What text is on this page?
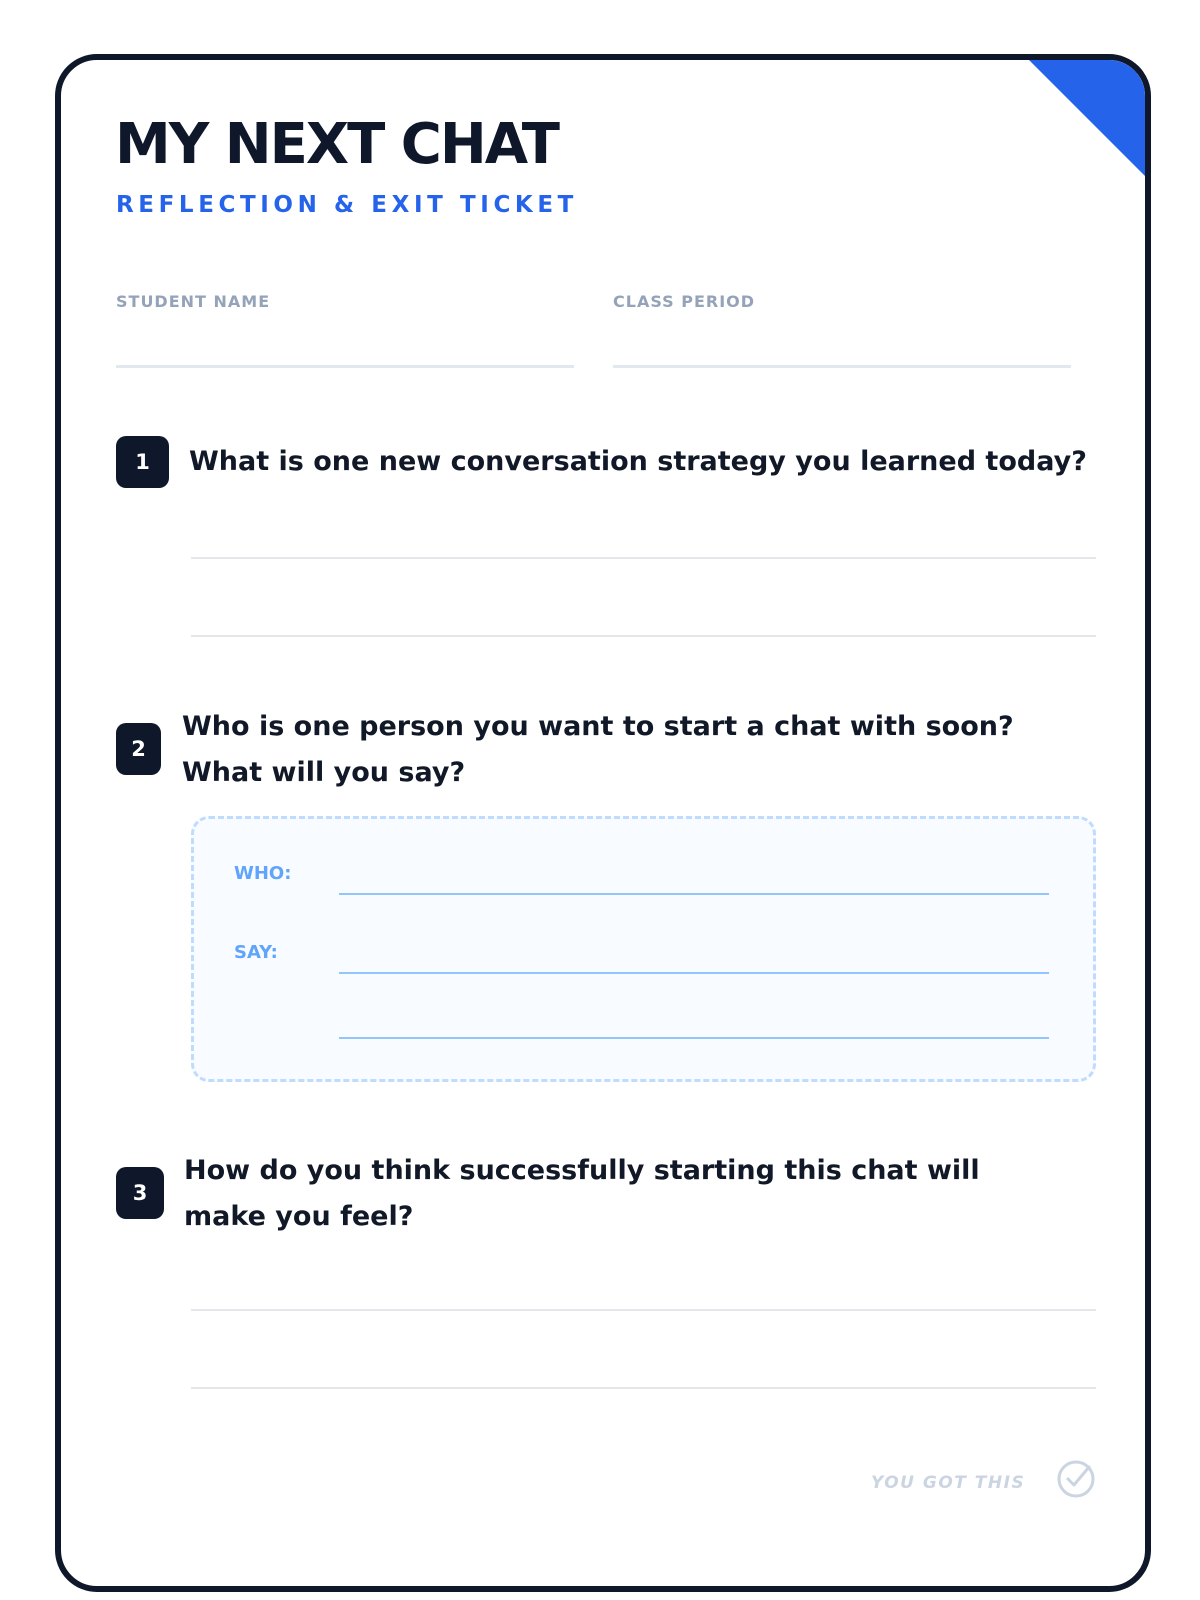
MY NEXT CHAT
REFLECTION & EXIT TICKET
STUDENT NAME	CLASS PERIOD
1	What is one new conversation strategy you learned today?

2

Who is one person you want to start a chat with soon? What will you say?

WHO:
SAY:
3

How do you think successfully starting this chat will make you feel?

YOU GOT THIS
